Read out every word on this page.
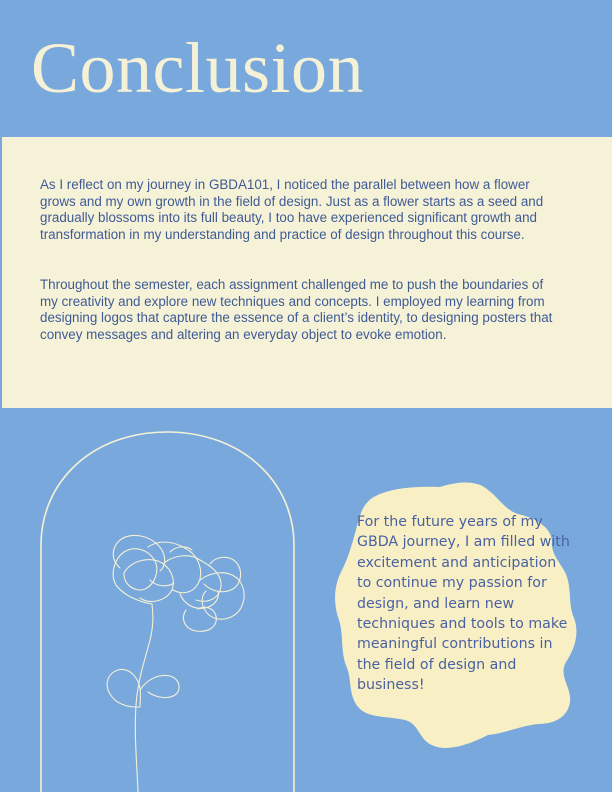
Conclusion

As I reflect on my journey in GBDA101, I noticed the parallel between how a flower grows and my own growth in the field of design. Just as a flower starts as a seed and gradually blossoms into its full beauty, I too have experienced significant growth and transformation in my understanding and practice of design throughout this course.

Throughout the semester, each assignment challenged me to push the boundaries of my creativity and explore new techniques and concepts. I employed my learning from designing logos that capture the essence of a client’s identity, to designing posters that convey messages and altering an everyday object to evoke emotion.

For the future years of my GBDA journey, I am filled with excitement and anticipation to continue my passion for design, and learn new techniques and tools to make meaningful contributions in the field of design and business!
